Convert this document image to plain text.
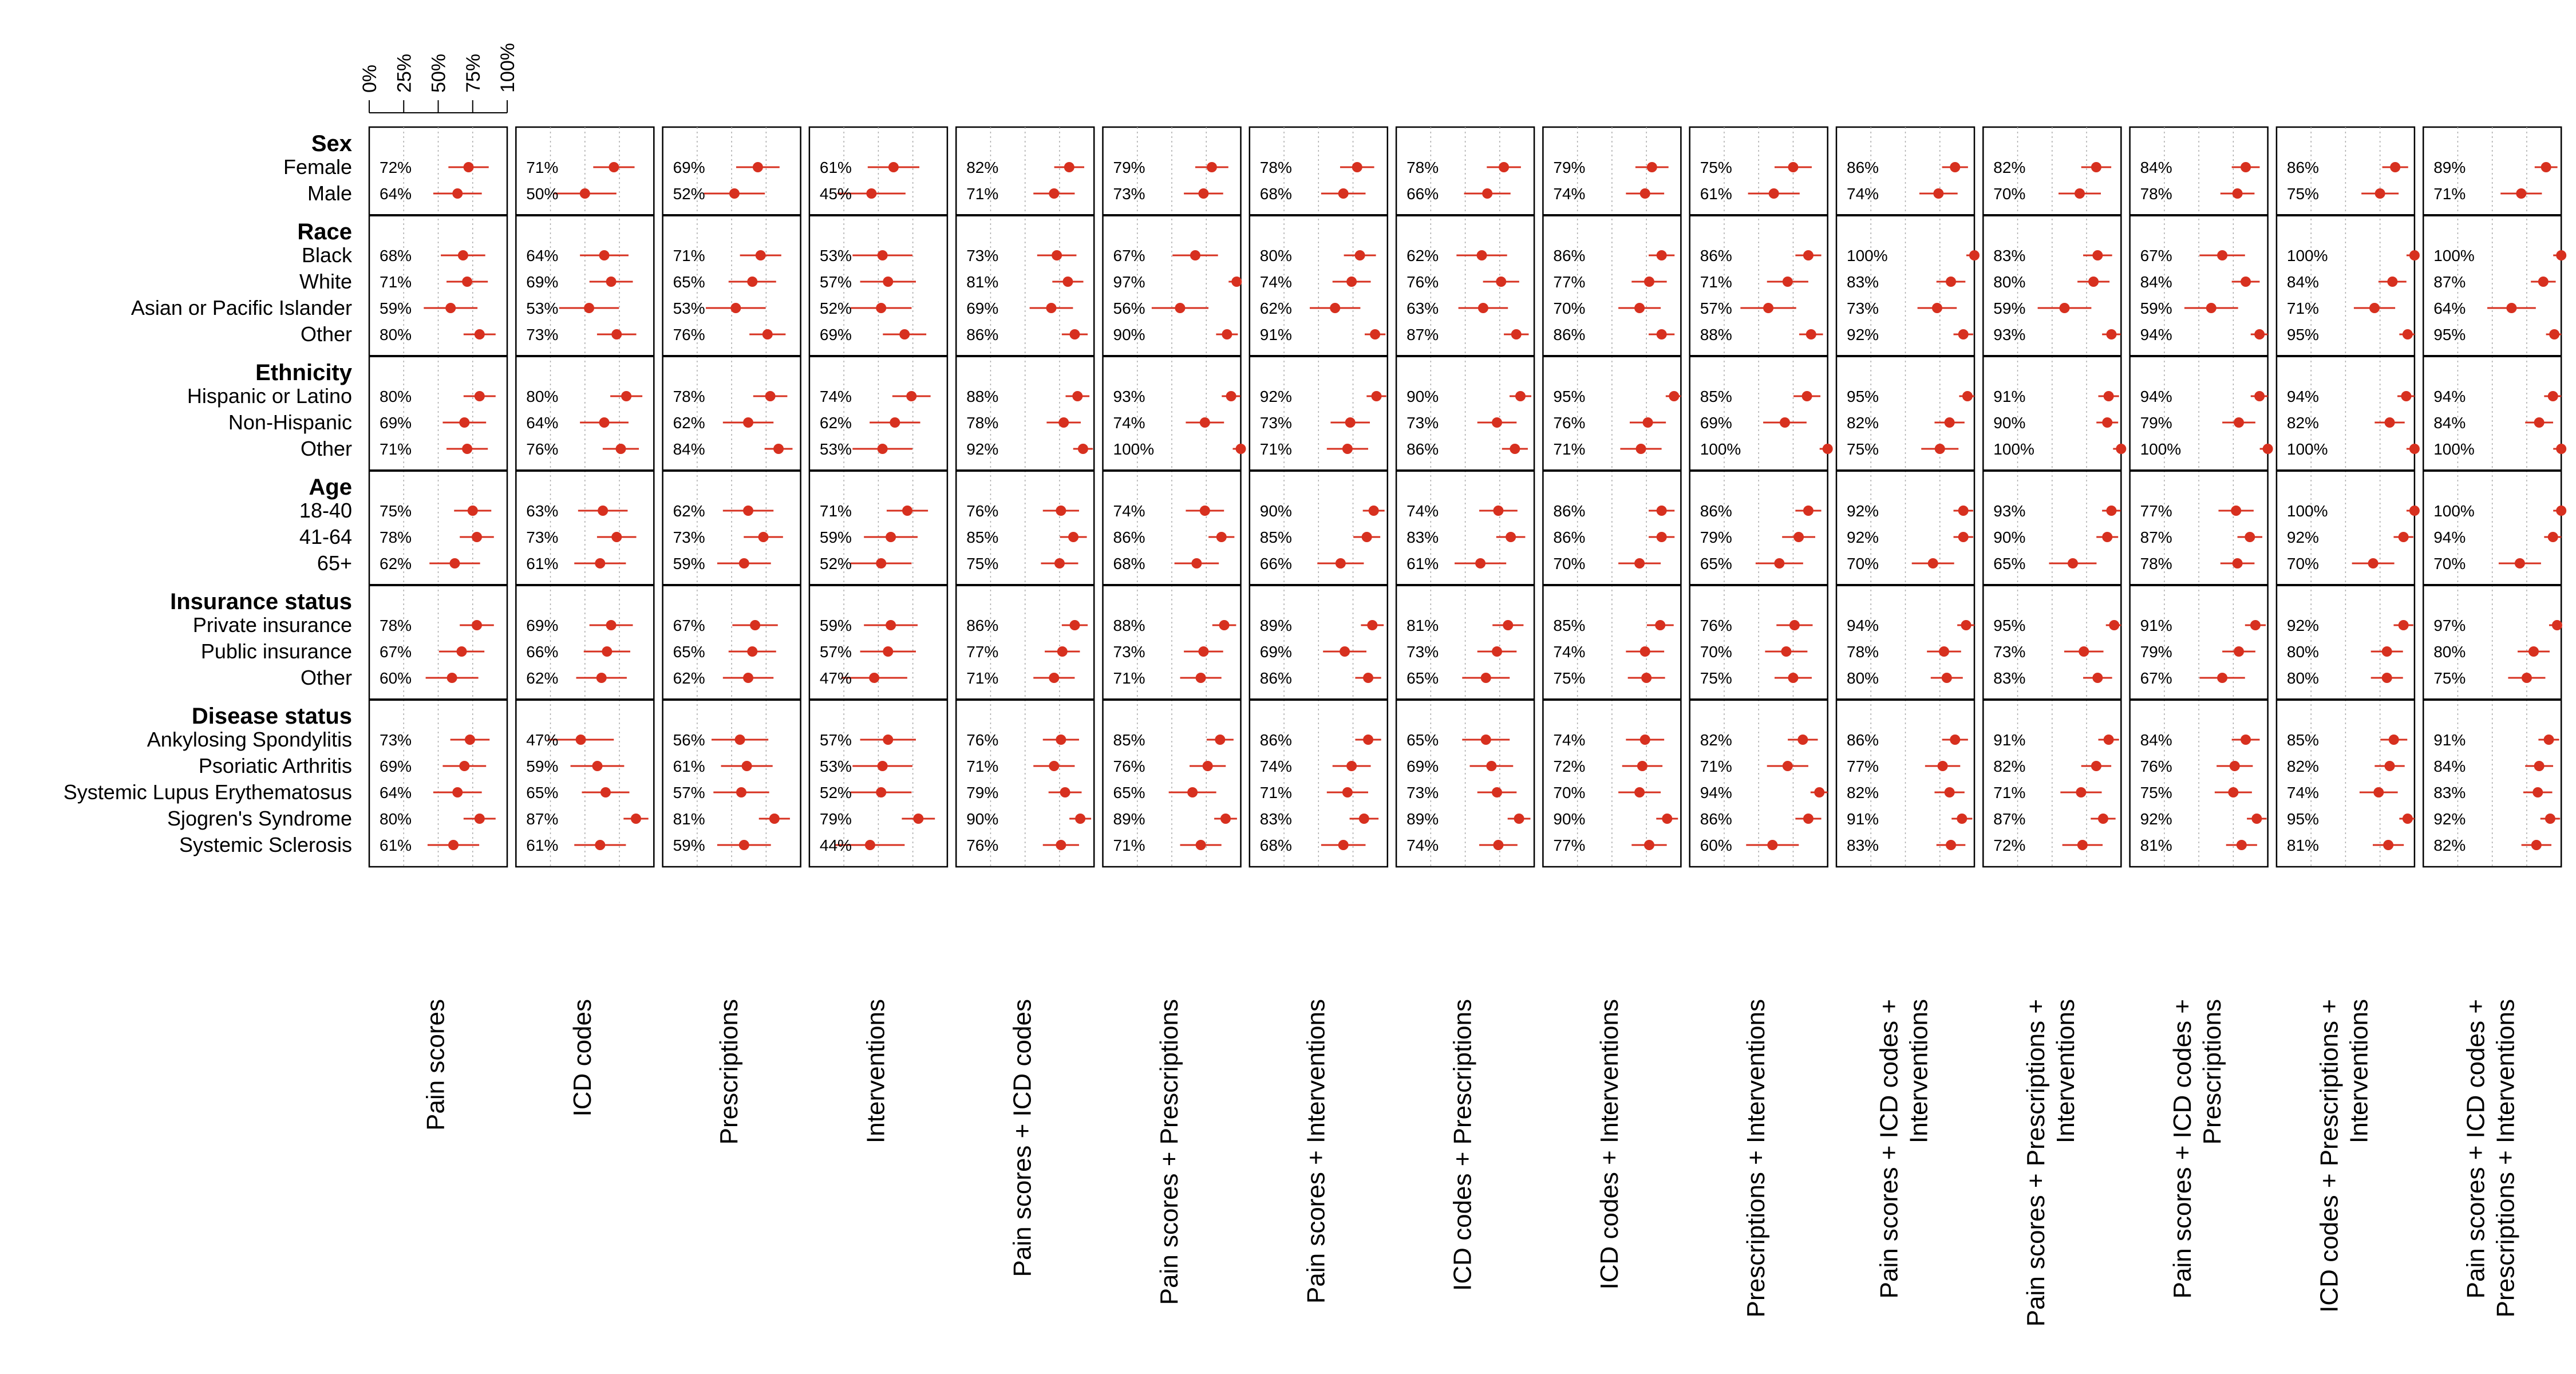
0% 25% 50% 75% 100%
Sex
Female
Male
Race
Black
White
Asian or Pacific Islander
Other
Ethnicity
Hispanic or Latino
Non-Hispanic
Other
Age
18-40
41-64
65+
Insurance status
Private insurance
Public insurance
Other
Disease status
Ankylosing Spondylitis
Psoriatic Arthritis
Systemic Lupus Erythematosus
Sjogren's Syndrome
Systemic Sclerosis
72%
64%
68%
71%
59%
80%
80%
69%
71%
75%
78%
62%
78%
67%
60%
73%
69%
64%
80%
61%
Pain scores
71%
50%
64%
69%
53%
73%
80%
64%
76%
63%
73%
61%
69%
66%
62%
47%
59%
65%
87%
61%
ICD codes
69%
52%
71%
65%
53%
76%
78%
62%
84%
62%
73%
59%
67%
65%
62%
56%
61%
57%
81%
59%
Prescriptions
61%
45%
53%
57%
52%
69%
74%
62%
53%
71%
59%
52%
59%
57%
47%
57%
53%
52%
79%
44%
Interventions
82%
71%
73%
81%
69%
86%
88%
78%
92%
76%
85%
75%
86%
77%
71%
76%
71%
79%
90%
76%
Pain scores + ICD codes
79%
73%
67%
97%
56%
90%
93%
74%
100%
74%
86%
68%
88%
73%
71%
85%
76%
65%
89%
71%
Pain scores + Prescriptions
78%
68%
80%
74%
62%
91%
92%
73%
71%
90%
85%
66%
89%
69%
86%
86%
74%
71%
83%
68%
Pain scores + Interventions
78%
66%
62%
76%
63%
87%
90%
73%
86%
74%
83%
61%
81%
73%
65%
65%
69%
73%
89%
74%
ICD codes + Prescriptions
79%
74%
86%
77%
70%
86%
95%
76%
71%
86%
86%
70%
85%
74%
75%
74%
72%
70%
90%
77%
ICD codes + Interventions
75%
61%
86%
71%
57%
88%
85%
69%
100%
86%
79%
65%
76%
70%
75%
82%
71%
94%
86%
60%
Prescriptions + Interventions
86%
74%
100%
83%
73%
92%
95%
82%
75%
92%
92%
70%
94%
78%
80%
86%
77%
82%
91%
83%
Pain scores + ICD codes + Interventions
82%
70%
83%
80%
59%
93%
91%
90%
100%
93%
90%
65%
95%
73%
83%
91%
82%
71%
87%
72%
Pain scores + Prescriptions + Interventions
84%
78%
67%
84%
59%
94%
94%
79%
100%
77%
87%
78%
91%
79%
67%
84%
76%
75%
92%
81%
Pain scores + ICD codes + Prescriptions
86%
75%
100%
84%
71%
95%
94%
82%
100%
100%
92%
70%
92%
80%
80%
85%
82%
74%
95%
81%
ICD codes + Prescriptions + Interventions
89%
71%
100%
87%
64%
95%
94%
84%
100%
100%
94%
70%
97%
80%
75%
91%
84%
83%
92%
82%
Pain scores + ICD codes + Prescriptions + Interventions
